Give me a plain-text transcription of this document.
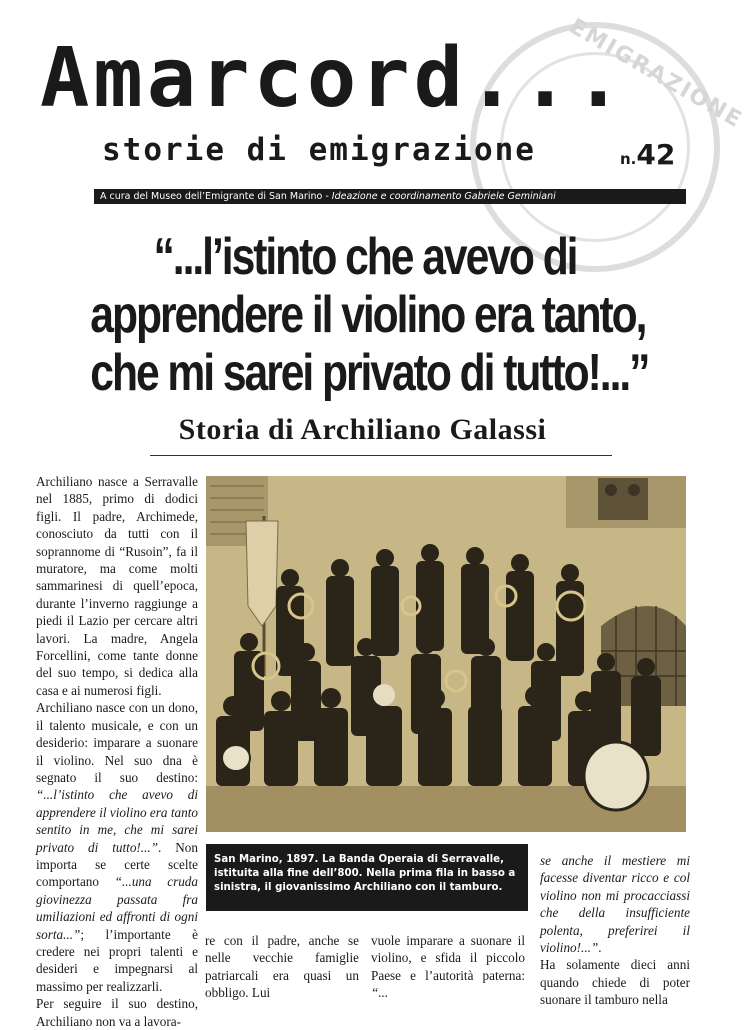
EMIGRAZIONE
Amarcord...
storie di emigrazione	n.42
A cura del Museo dell’Emigrante di San Marino - Ideazione e coordinamento Gabriele Geminiani
“...l’istinto che avevo di
apprendere il violino era tanto,
che mi sarei privato di tutto!...”
Storia di Archiliano Galassi

Archiliano nasce a Serravalle nel 1885, primo di dodici figli. Il padre, Archimede, conosciuto da tutti con il soprannome di “Rusoin”, fa il muratore, ma come molti sammarinesi di quell’epoca, durante l’inverno raggiunge a piedi il Lazio per cercare altri lavori. La madre, Angela Forcellini, come tante donne del suo tempo, si dedica alla casa e ai numerosi figli.

Archiliano nasce con un dono, il talento musicale, e con un desiderio: imparare a suonare il violino. Nel suo dna è segnato il suo destino: “...l’istinto che avevo di apprendere il violino era tanto sentito in me, che mi sarei privato di tutto!...”. Non importa se certe scelte comportano “...una cruda giovinezza passata fra umiliazioni ed affronti di ogni sorta...”; l’importante è credere nei propri talenti e desideri e impegnarsi al massimo per realizzarli.

Per seguire il suo destino, Archiliano non va a lavora-

San Marino, 1897. La Banda Operaia di Serravalle, istituita alla fine dell’800. Nella prima fila in basso a sinistra, il giovanissimo Archiliano con il tamburo.

re con il padre, anche se nelle vecchie famiglie patriarcali era quasi un obbligo. Lui

vuole imparare a suonare il violino, e sfida il piccolo Paese e l’autorità paterna: “...

se anche il mestiere mi facesse diventar ricco e col violino non mi procacciassi che della insufficiente polenta, preferirei il violino!...”.

Ha solamente dieci anni quando chiede di poter suonare il tamburo nella
